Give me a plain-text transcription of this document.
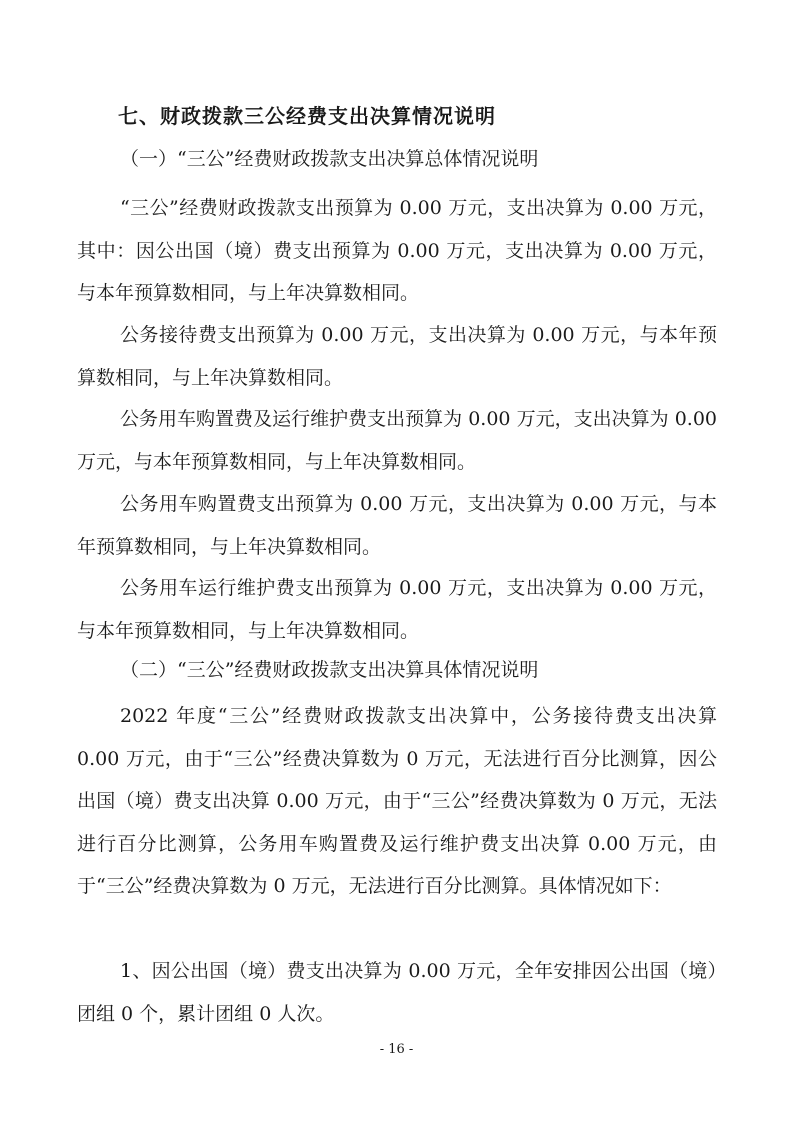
七、财政拨款三公经费支出决算情况说明
（一）“三公”经费财政拨款支出决算总体情况说明
“三公”经费财政拨款支出预算为 0.00 万元，支出决算为 0.00 万元，其中：因公出国（境）费支出预算为 0.00 万元，支出决算为 0.00 万元，与本年预算数相同，与上年决算数相同。
公务接待费支出预算为 0.00 万元，支出决算为 0.00 万元，与本年预算数相同，与上年决算数相同。
公务用车购置费及运行维护费支出预算为 0.00 万元，支出决算为 0.00 万元，与本年预算数相同，与上年决算数相同。
公务用车购置费支出预算为 0.00 万元，支出决算为 0.00 万元，与本年预算数相同，与上年决算数相同。
公务用车运行维护费支出预算为 0.00 万元，支出决算为 0.00 万元，与本年预算数相同，与上年决算数相同。
（二）“三公”经费财政拨款支出决算具体情况说明
2022 年度“三公”经费财政拨款支出决算中，公务接待费支出决算 0.00 万元，由于“三公”经费决算数为 0 万元，无法进行百分比测算，因公出国（境）费支出决算 0.00 万元，由于“三公”经费决算数为 0 万元，无法进行百分比测算，公务用车购置费及运行维护费支出决算 0.00 万元，由于“三公”经费决算数为 0 万元，无法进行百分比测算。具体情况如下：
1、因公出国（境）费支出决算为 0.00 万元，全年安排因公出国（境）团组 0 个，累计团组 0 人次。
- 16 -
